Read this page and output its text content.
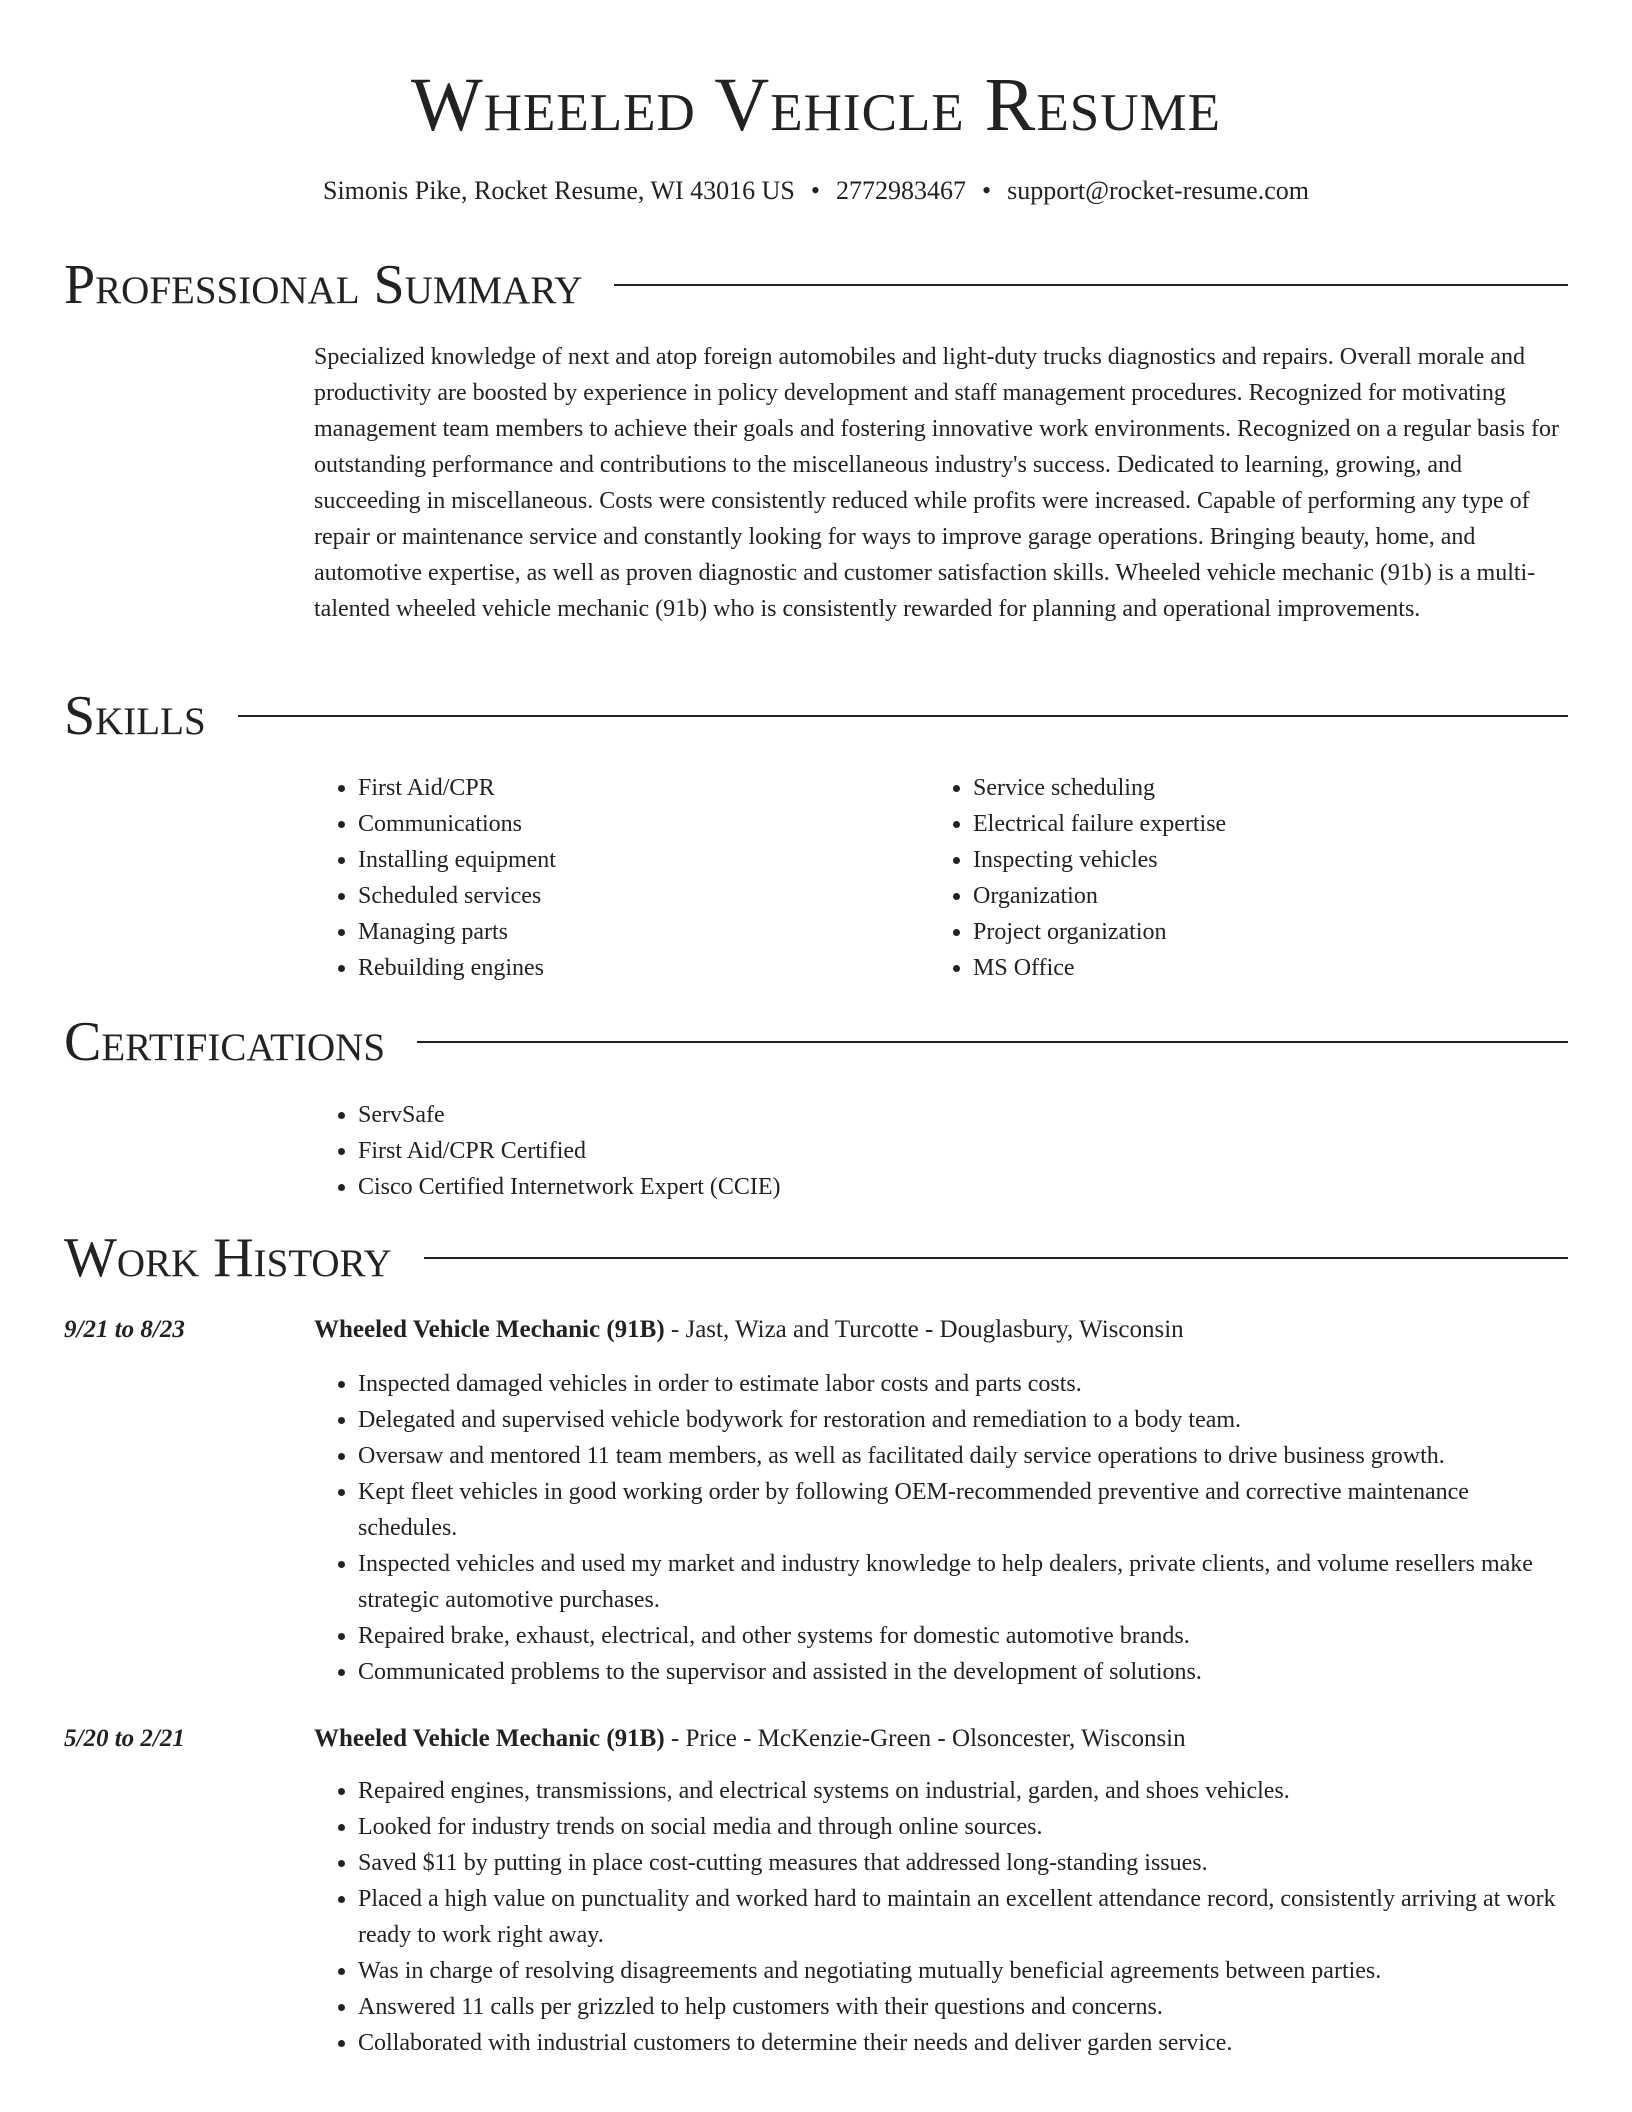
Wheeled Vehicle Resume
Simonis Pike, Rocket Resume, WI 43016 US • 2772983467 • support@rocket-resume.com
Professional Summary
Specialized knowledge of next and atop foreign automobiles and light-duty trucks diagnostics and repairs. Overall morale and productivity are boosted by experience in policy development and staff management procedures. Recognized for motivating management team members to achieve their goals and fostering innovative work environments. Recognized on a regular basis for outstanding performance and contributions to the miscellaneous industry's success. Dedicated to learning, growing, and succeeding in miscellaneous. Costs were consistently reduced while profits were increased. Capable of performing any type of repair or maintenance service and constantly looking for ways to improve garage operations. Bringing beauty, home, and automotive expertise, as well as proven diagnostic and customer satisfaction skills. Wheeled vehicle mechanic (91b) is a multi-talented wheeled vehicle mechanic (91b) who is consistently rewarded for planning and operational improvements.
Skills
• First Aid/CPR
• Communications
• Installing equipment
• Scheduled services
• Managing parts
• Rebuilding engines
• Service scheduling
• Electrical failure expertise
• Inspecting vehicles
• Organization
• Project organization
• MS Office
Certifications
• ServSafe
• First Aid/CPR Certified
• Cisco Certified Internetwork Expert (CCIE)
Work History
9/21 to 8/23	Wheeled Vehicle Mechanic (91B) - Jast, Wiza and Turcotte - Douglasbury, Wisconsin
• Inspected damaged vehicles in order to estimate labor costs and parts costs.
• Delegated and supervised vehicle bodywork for restoration and remediation to a body team.
• Oversaw and mentored 11 team members, as well as facilitated daily service operations to drive business growth.
• Kept fleet vehicles in good working order by following OEM-recommended preventive and corrective maintenance schedules.
• Inspected vehicles and used my market and industry knowledge to help dealers, private clients, and volume resellers make strategic automotive purchases.
• Repaired brake, exhaust, electrical, and other systems for domestic automotive brands.
• Communicated problems to the supervisor and assisted in the development of solutions.
5/20 to 2/21	Wheeled Vehicle Mechanic (91B) - Price - McKenzie-Green - Olsoncester, Wisconsin
• Repaired engines, transmissions, and electrical systems on industrial, garden, and shoes vehicles.
• Looked for industry trends on social media and through online sources.
• Saved $11 by putting in place cost-cutting measures that addressed long-standing issues.
• Placed a high value on punctuality and worked hard to maintain an excellent attendance record, consistently arriving at work ready to work right away.
• Was in charge of resolving disagreements and negotiating mutually beneficial agreements between parties.
• Answered 11 calls per grizzled to help customers with their questions and concerns.
• Collaborated with industrial customers to determine their needs and deliver garden service.
